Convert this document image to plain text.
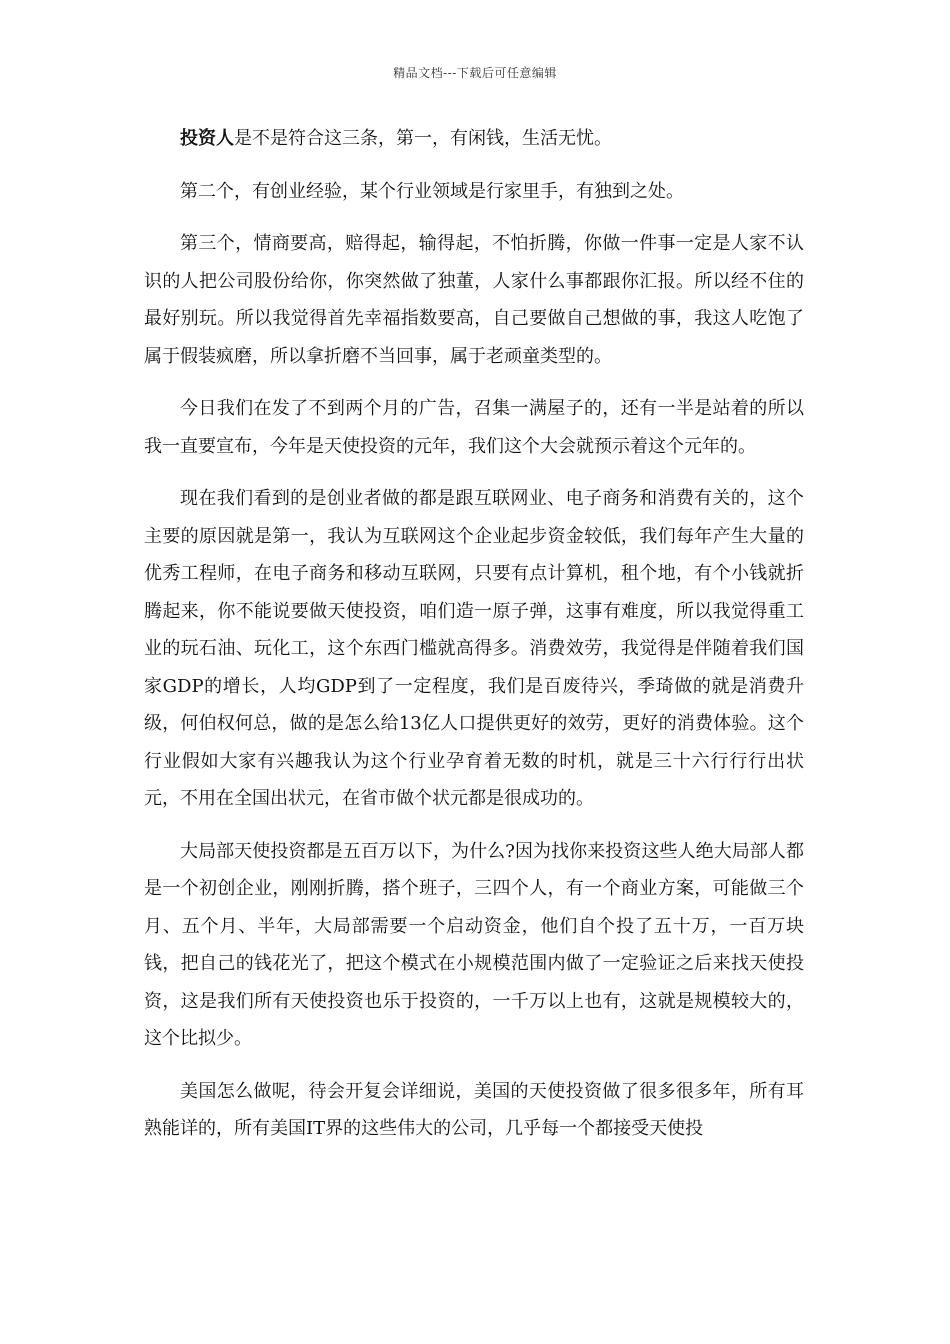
精品文档---下载后可任意编辑

投资人是不是符合这三条，第一，有闲钱，生活无忧。

第二个，有创业经验，某个行业领域是行家里手，有独到之处。

第三个，情商要高，赔得起，输得起，不怕折腾，你做一件事一定是人家不认识的人把公司股份给你，你突然做了独董，人家什么事都跟你汇报。所以经不住的最好别玩。所以我觉得首先幸福指数要高，自己要做自己想做的事，我这人吃饱了属于假装疯磨，所以拿折磨不当回事，属于老顽童类型的。

今日我们在发了不到两个月的广告，召集一满屋子的，还有一半是站着的所以我一直要宣布，今年是天使投资的元年，我们这个大会就预示着这个元年的。

现在我们看到的是创业者做的都是跟互联网业、电子商务和消费有关的，这个主要的原因就是第一，我认为互联网这个企业起步资金较低，我们每年产生大量的优秀工程师，在电子商务和移动互联网，只要有点计算机，租个地，有个小钱就折腾起来，你不能说要做天使投资，咱们造一原子弹，这事有难度，所以我觉得重工业的玩石油、玩化工，这个东西门槛就高得多。消费效劳，我觉得是伴随着我们国家GDP的增长，人均GDP到了一定程度，我们是百废待兴，季琦做的就是消费升级，何伯权何总，做的是怎么给13亿人口提供更好的效劳，更好的消费体验。这个行业假如大家有兴趣我认为这个行业孕育着无数的时机，就是三十六行行行出状元，不用在全国出状元，在省市做个状元都是很成功的。

大局部天使投资都是五百万以下，为什么?因为找你来投资这些人绝大局部人都是一个初创企业，刚刚折腾，搭个班子，三四个人，有一个商业方案，可能做三个月、五个月、半年，大局部需要一个启动资金，他们自个投了五十万，一百万块钱，把自己的钱花光了，把这个模式在小规模范围内做了一定验证之后来找天使投资，这是我们所有天使投资也乐于投资的，一千万以上也有，这就是规模较大的，这个比拟少。

美国怎么做呢，待会开复会详细说，美国的天使投资做了很多很多年，所有耳熟能详的，所有美国IT界的这些伟大的公司，几乎每一个都接受天使投
